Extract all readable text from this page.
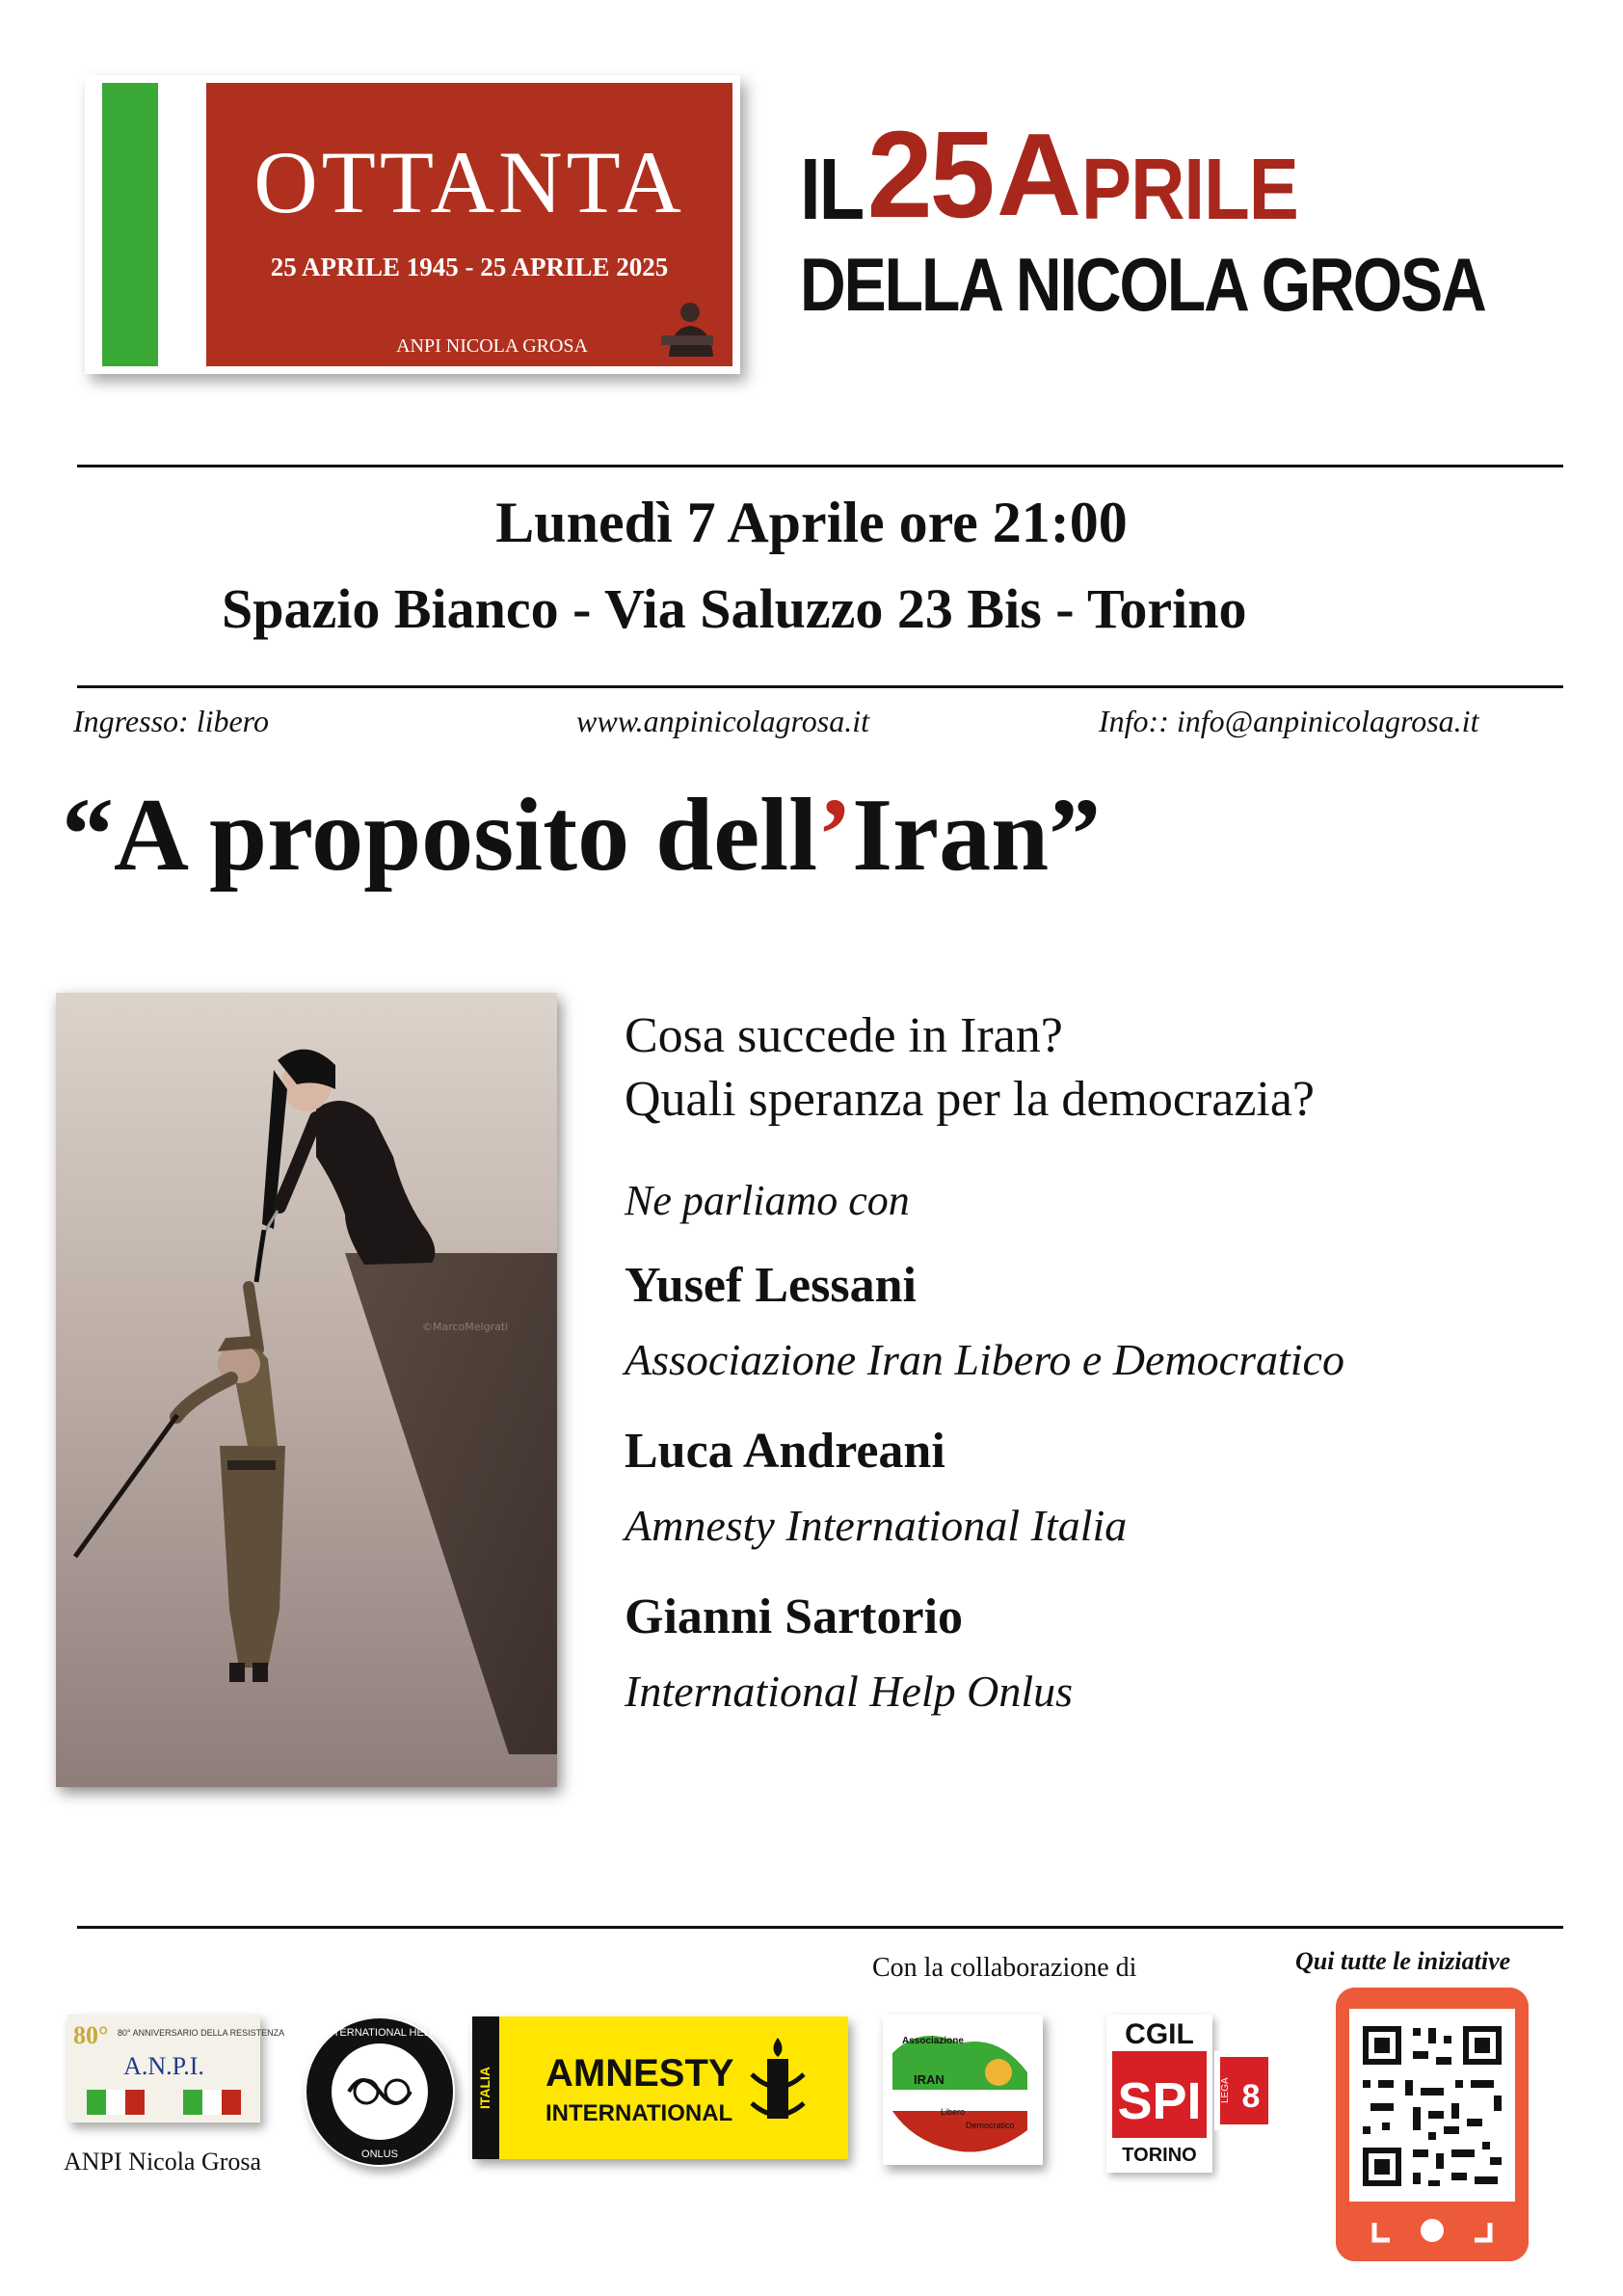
OTTANTA
25 APRILE 1945 - 25 APRILE 2025
ANPI NICOLA GROSA
IL 25 APRILE
DELLA NICOLA GROSA
Lunedì 7 Aprile ore 21:00
Spazio Bianco - Via Saluzzo 23 Bis - Torino
Ingresso: libero	www.anpinicolagrosa.it	Info:: info@anpinicolagrosa.it
“A proposito dell’Iran”
©MarcoMelgrati
Cosa succede in Iran?
Quali speranza per la democrazia?
Ne parliamo con
Yusef Lessani
Associazione Iran Libero e Democratico
Luca Andreani
Amnesty International Italia
Gianni Sartorio
International Help Onlus
Con la collaborazione di	Qui tutte le iniziative
80° 80° ANNIVERSARIO DELLA RESISTENZA
A.N.P.I.
ANPI Nicola Grosa
INTERNATIONAL HELP
ONLUS
ITALIA AMNESTY
INTERNATIONAL
Associazione
IRAN
Libero
Democratico
CGIL
SPI
TORINO
LEGA 8
